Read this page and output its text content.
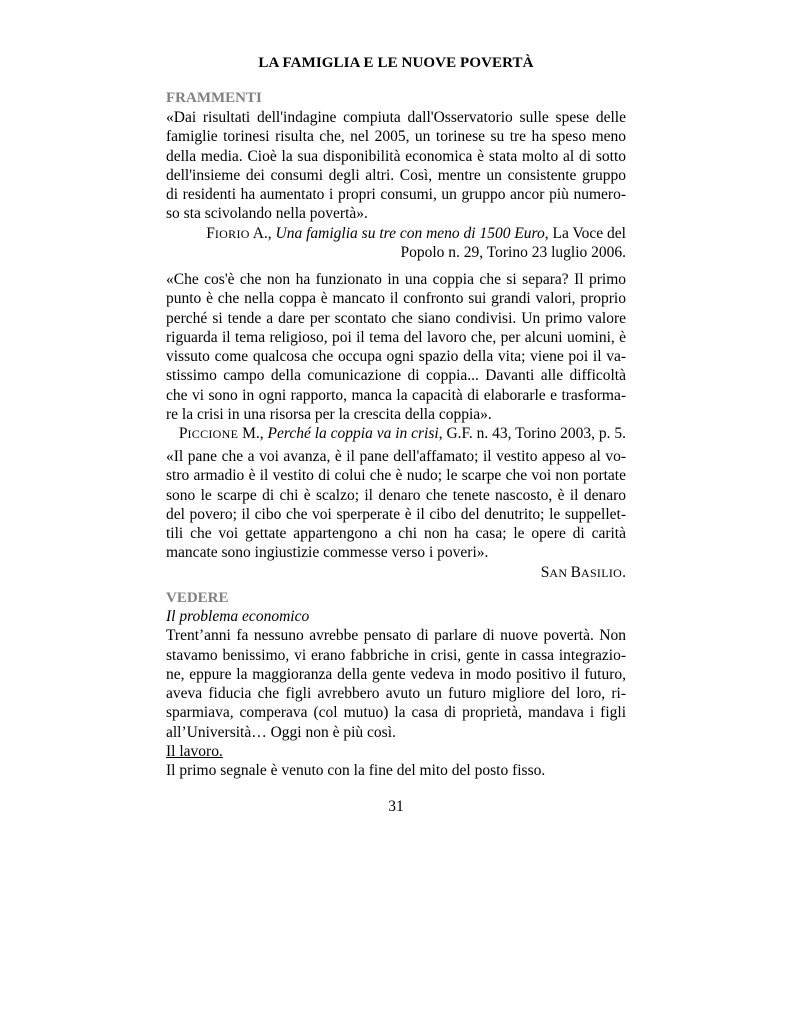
LA FAMIGLIA E LE NUOVE POVERTÀ
FRAMMENTI
«Dai risultati dell'indagine compiuta dall'Osservatorio sulle spese delle
famiglie torinesi risulta che, nel 2005, un torinese su tre ha speso meno
della media. Cioè la sua disponibilità economica è stata molto al di sotto
dell'insieme dei consumi degli altri. Così, mentre un consistente gruppo
di residenti ha aumentato i propri consumi, un gruppo ancor più numero-
so sta scivolando nella povertà».
FIORIO A., Una famiglia su tre con meno di 1500 Euro, La Voce del
Popolo n. 29, Torino 23 luglio 2006.
«Che cos'è che non ha funzionato in una coppia che si separa? Il primo
punto è che nella coppa è mancato il confronto sui grandi valori, proprio
perché si tende a dare per scontato che siano condivisi. Un primo valore
riguarda il tema religioso, poi il tema del lavoro che, per alcuni uomini, è
vissuto come qualcosa che occupa ogni spazio della vita; viene poi il va-
stissimo campo della comunicazione di coppia... Davanti alle difficoltà
che vi sono in ogni rapporto, manca la capacità di elaborarle e trasforma-
re la crisi in una risorsa per la crescita della coppia».
PICCIONE M., Perché la coppia va in crisi, G.F. n. 43, Torino 2003, p. 5.
«Il pane che a voi avanza, è il pane dell'affamato; il vestito appeso al vo-
stro armadio è il vestito di colui che è nudo; le scarpe che voi non portate
sono le scarpe di chi è scalzo; il denaro che tenete nascosto, è il denaro
del povero; il cibo che voi sperperate è il cibo del denutrito; le suppellet-
tili che voi gettate appartengono a chi non ha casa; le opere di carità
mancate sono ingiustizie commesse verso i poveri».
SAN BASILIO.
VEDERE
Il problema economico
Trent’anni fa nessuno avrebbe pensato di parlare di nuove povertà. Non
stavamo benissimo, vi erano fabbriche in crisi, gente in cassa integrazio-
ne, eppure la maggioranza della gente vedeva in modo positivo il futuro,
aveva fiducia che figli avrebbero avuto un futuro migliore del loro, ri-
sparmiava, comperava (col mutuo) la casa di proprietà, mandava i figli
all’Università… Oggi non è più così.
Il lavoro.
Il primo segnale è venuto con la fine del mito del posto fisso.
31
